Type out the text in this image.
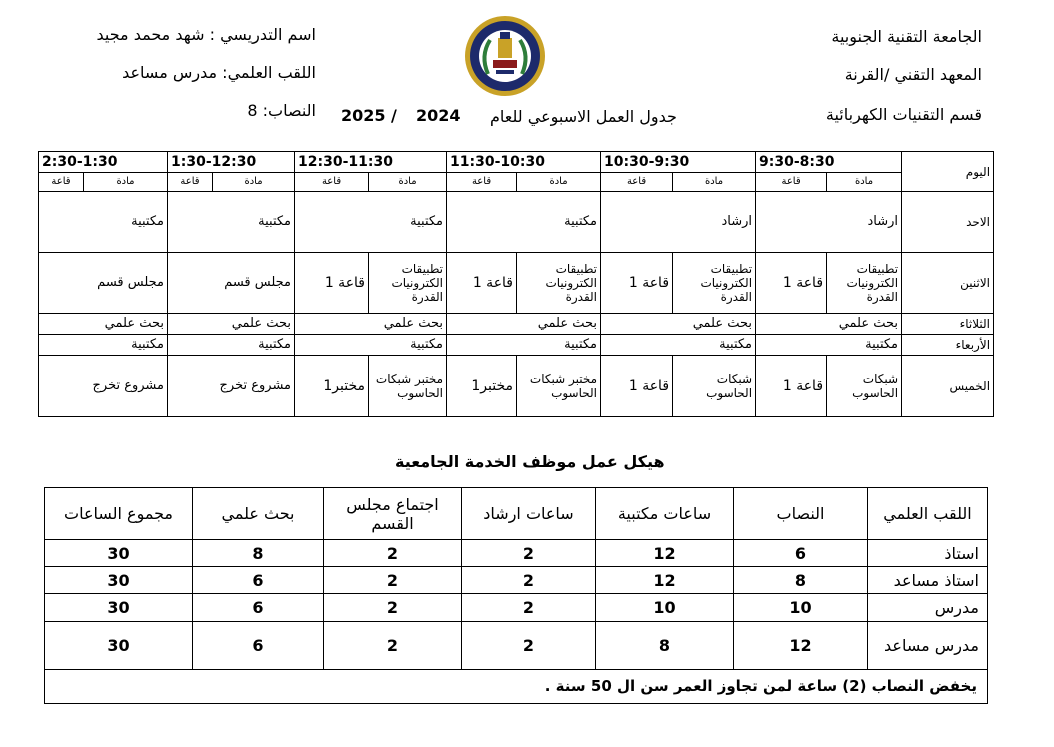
الجامعة التقنية الجنوبية
المعهد التقني /القرنة
قسم التقنيات الكهربائية
اسم التدريسي : شهد محمد مجيد
اللقب العلمي: مدرس مساعد
النصاب: 8	جدول العمل الاسبوعي للعام
2024
/
2025
اليوم	9:30-8:30		10:30-9:30		11:30-10:30		12:30-11:30		1:30-12:30		2:30-1:30	
	مادة	قاعة	مادة	قاعة	مادة	قاعة	مادة	قاعة	مادة	قاعة	مادة	قاعة
الاحد	ارشاد		ارشاد		مكتبية		مكتبية		مكتبية		مكتبية	
الاثنين	تطبيقات الكترونيات القدرة	قاعة 1	تطبيقات الكترونيات القدرة	قاعة 1	تطبيقات الكترونيات القدرة	قاعة 1	تطبيقات الكترونيات القدرة	قاعة 1	مجلس قسم		مجلس قسم	
الثلاثاء	بحث علمي		بحث علمي		بحث علمي		بحث علمي		بحث علمي		بحث علمي	
الأربعاء	مكتبية		مكتبية		مكتبية		مكتبية		مكتبية		مكتبية	
الخميس	شبكات الحاسوب	قاعة 1	شبكات الحاسوب	قاعة 1	مختبر شبكات الحاسوب	مختبر1	مختبر شبكات الحاسوب	مختبر1	مشروع تخرج		مشروع تخرج	
هيكل عمل موظف الخدمة الجامعية
اللقب العلمي	النصاب	ساعات مكتبية	ساعات ارشاد	اجتماع مجلس القسم	بحث علمي	مجموع الساعات
استاذ	6	12	2	2	8	30
استاذ مساعد	8	12	2	2	6	30
مدرس	10	10	2	2	6	30
مدرس مساعد	12	8	2	2	6	30
يخفض النصاب (2) ساعة لمن تجاوز العمر سن ال 50 سنة .						
